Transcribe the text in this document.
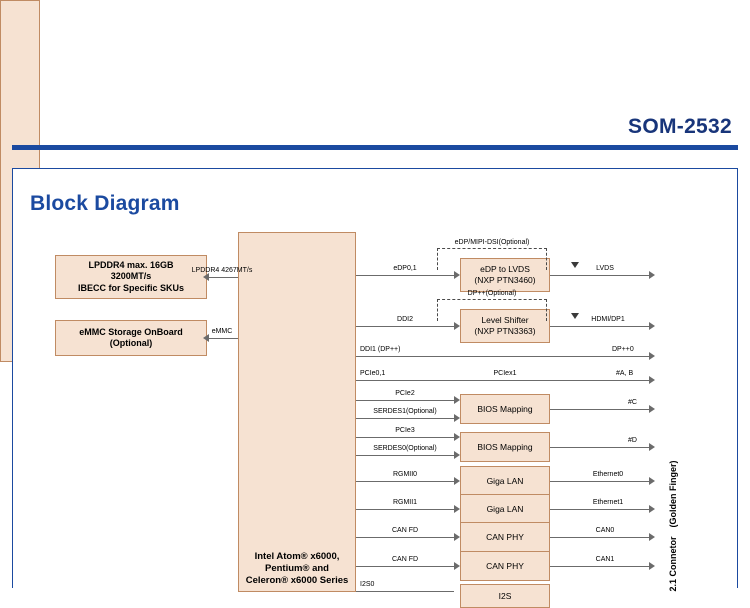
SOM-2532
Block Diagram
LPDDR4 max. 16GB
3200MT/s
IBECC for Specific SKUs
eMMC Storage OnBoard
(Optional)
Intel Atom® x6000,
Pentium® and
Celeron® x6000 Series	2.1 Connetor (Golden Finger)
eDP to LVDS
(NXP PTN3460)
Level Shifter
(NXP PTN3363)
BIOS Mapping
BIOS Mapping
Giga LAN
Giga LAN
CAN PHY
CAN PHY
I2S
eDP/MIPI-DSI(Optional)
DP++(Optional)
LPDDR4 4267MT/s
eMMC
eDP0,1	LVDS
DDI2	HDMI/DP1
DDI1 (DP++)	DP++0
PCIe0,1	PCIex1	#A, B
PCIe2
SERDES1(Optional)
#C
PCIe3
SERDES0(Optional)
#D
RGMII0	Ethernet0
RGMII1	Ethernet1
CAN FD	CAN0
CAN FD	CAN1
I2S0
